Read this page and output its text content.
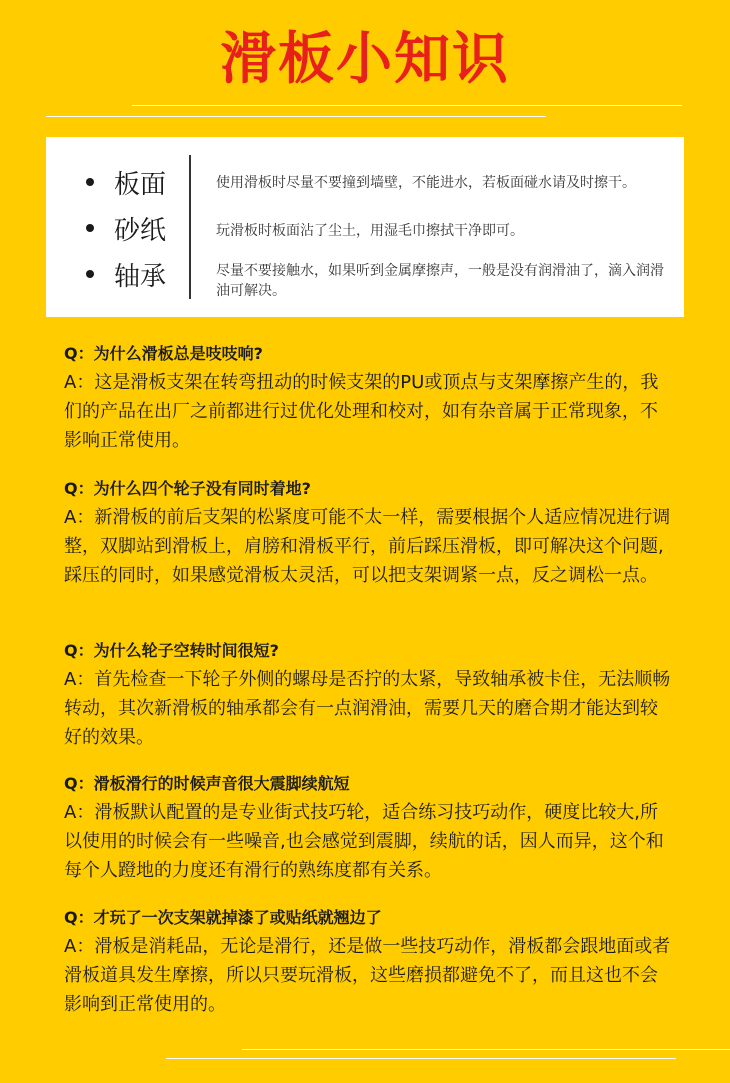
滑板小知识
板面
砂纸
轴承
使用滑板时尽量不要撞到墙壁，不能进水，若板面碰水请及时擦干。
玩滑板时板面沾了尘土，用湿毛巾擦拭干净即可。
尽量不要接触水，如果听到金属摩擦声，一般是没有润滑油了，滴入润滑油可解决。
Q：为什么滑板总是吱吱响?
A：这是滑板支架在转弯扭动的时候支架的PU或顶点与支架摩擦产生的，我们的产品在出厂之前都进行过优化处理和校对，如有杂音属于正常现象，不影响正常使用。
Q：为什么四个轮子没有同时着地?
A：新滑板的前后支架的松紧度可能不太一样，需要根据个人适应情况进行调整，双脚站到滑板上，肩膀和滑板平行，前后踩压滑板，即可解决这个问题,踩压的同时，如果感觉滑板太灵活，可以把支架调紧一点，反之调松一点。
Q：为什么轮子空转时间很短?
A：首先检查一下轮子外侧的螺母是否拧的太紧，导致轴承被卡住，无法顺畅转动，其次新滑板的轴承都会有一点润滑油，需要几天的磨合期才能达到较好的效果。
Q：滑板滑行的时候声音很大震脚续航短
A：滑板默认配置的是专业街式技巧轮，适合练习技巧动作，硬度比较大,所以使用的时候会有一些噪音,也会感觉到震脚，续航的话，因人而异，这个和每个人蹬地的力度还有滑行的熟练度都有关系。
Q：才玩了一次支架就掉漆了或贴纸就翘边了
A：滑板是消耗品，无论是滑行，还是做一些技巧动作，滑板都会跟地面或者滑板道具发生摩擦，所以只要玩滑板，这些磨损都避免不了，而且这也不会影响到正常使用的。
